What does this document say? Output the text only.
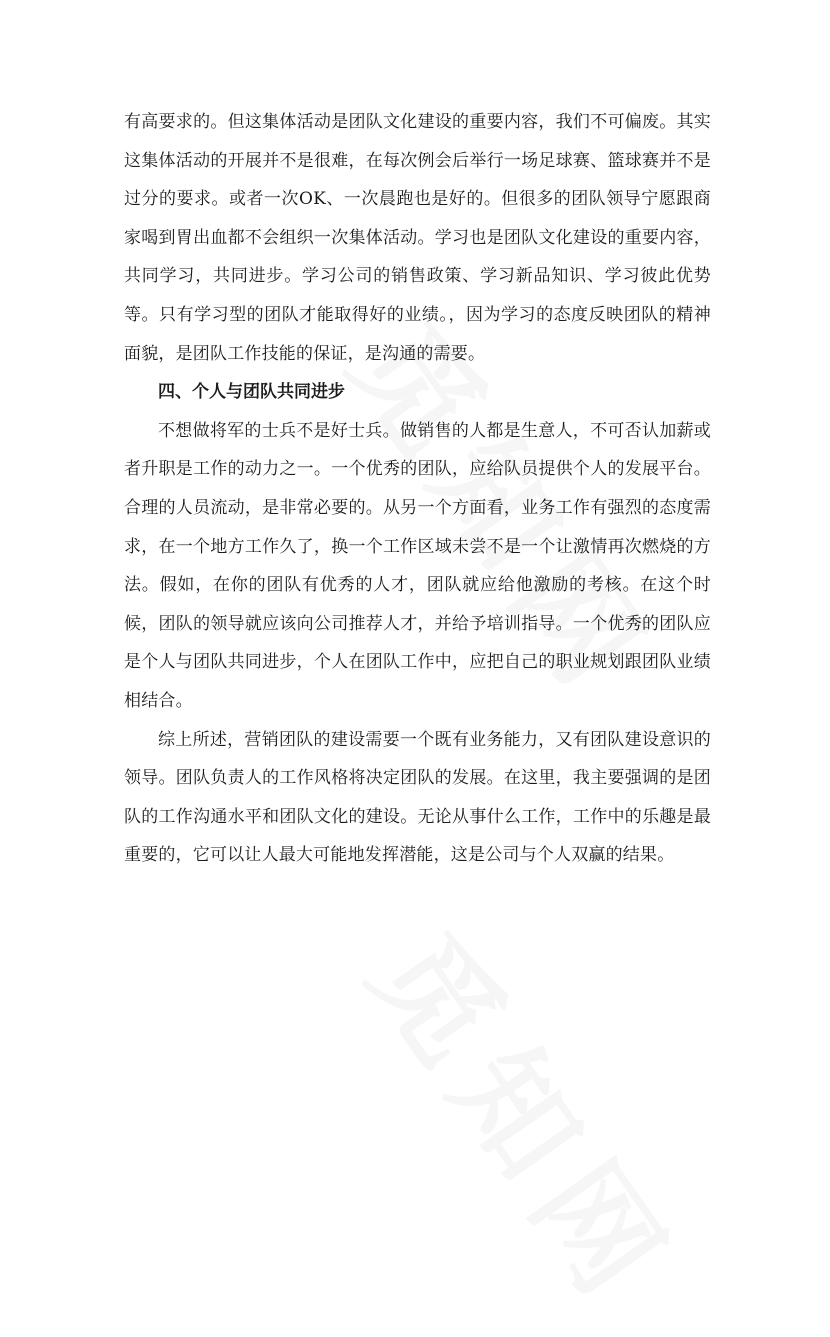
有高要求的。但这集体活动是团队文化建设的重要内容，我们不可偏废。其实这集体活动的开展并不是很难，在每次例会后举行一场足球赛、篮球赛并不是过分的要求。或者一次OK、一次晨跑也是好的。但很多的团队领导宁愿跟商家喝到胃出血都不会组织一次集体活动。学习也是团队文化建设的重要内容，共同学习，共同进步。学习公司的销售政策、学习新品知识、学习彼此优势等。只有学习型的团队才能取得好的业绩。，因为学习的态度反映团队的精神面貌，是团队工作技能的保证，是沟通的需要。

四、个人与团队共同进步

不想做将军的士兵不是好士兵。做销售的人都是生意人，不可否认加薪或者升职是工作的动力之一。一个优秀的团队，应给队员提供个人的发展平台。合理的人员流动，是非常必要的。从另一个方面看，业务工作有强烈的态度需求，在一个地方工作久了，换一个工作区域未尝不是一个让激情再次燃烧的方法。假如，在你的团队有优秀的人才，团队就应给他激励的考核。在这个时候，团队的领导就应该向公司推荐人才，并给予培训指导。一个优秀的团队应是个人与团队共同进步，个人在团队工作中，应把自己的职业规划跟团队业绩相结合。

综上所述，营销团队的建设需要一个既有业务能力，又有团队建设意识的领导。团队负责人的工作风格将决定团队的发展。在这里，我主要强调的是团队的工作沟通水平和团队文化的建设。无论从事什么工作，工作中的乐趣是最重要的，它可以让人最大可能地发挥潜能，这是公司与个人双赢的结果。
